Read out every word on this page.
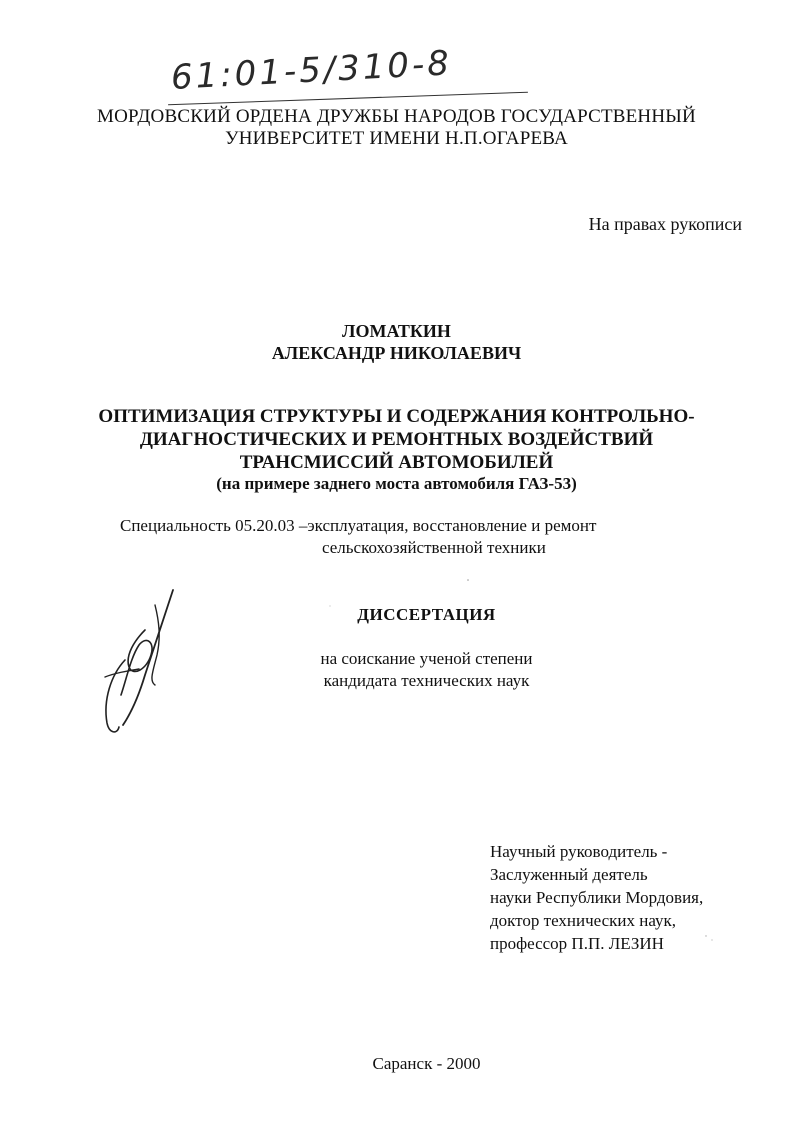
61:01-5/310-8
МОРДОВСКИЙ ОРДЕНА ДРУЖБЫ НАРОДОВ ГОСУДАРСТВЕННЫЙ
УНИВЕРСИТЕТ ИМЕНИ Н.П.ОГАРЕВА
На правах рукописи
ЛОМАТКИН
АЛЕКСАНДР НИКОЛАЕВИЧ
ОПТИМИЗАЦИЯ СТРУКТУРЫ И СОДЕРЖАНИЯ КОНТРОЛЬНО-
ДИАГНОСТИЧЕСКИХ И РЕМОНТНЫХ ВОЗДЕЙСТВИЙ
ТРАНСМИССИЙ АВТОМОБИЛЕЙ
(на примере заднего моста автомобиля ГАЗ-53)
Специальность 05.20.03 –эксплуатация, восстановление и ремонт
сельскохозяйственной техники
ДИССЕРТАЦИЯ
на соискание ученой степени
кандидата технических наук
Научный руководитель -
Заслуженный деятель
науки Республики Мордовия,
доктор технических наук,
профессор П.П. ЛЕЗИН
Саранск - 2000
